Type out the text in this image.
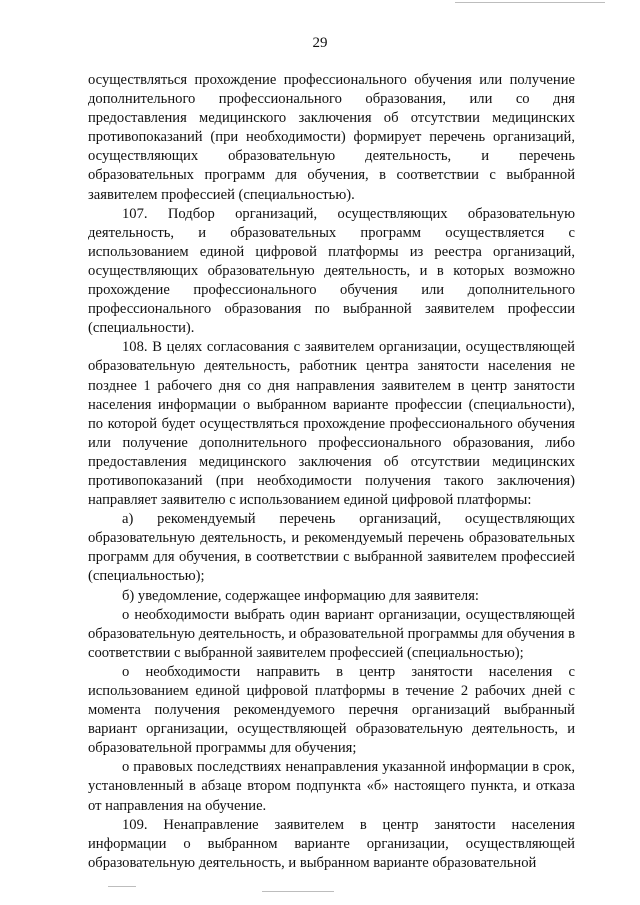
29

осуществляться прохождение профессионального обучения или получение дополнительного профессионального образования, или со дня предоставления медицинского заключения об отсутствии медицинских противопоказаний (при необходимости) формирует перечень организаций, осуществляющих образовательную деятельность, и перечень образовательных программ для обучения, в соответствии с выбранной заявителем профессией (специальностью).

107. Подбор организаций, осуществляющих образовательную деятельность, и образовательных программ осуществляется с использованием единой цифровой платформы из реестра организаций, осуществляющих образовательную деятельность, и в которых возможно прохождение профессионального обучения или дополнительного профессионального образования по выбранной заявителем профессии (специальности).

108. В целях согласования с заявителем организации, осуществляющей образовательную деятельность, работник центра занятости населения не позднее 1 рабочего дня со дня направления заявителем в центр занятости населения информации о выбранном варианте профессии (специальности), по которой будет осуществляться прохождение профессионального обучения или получение дополнительного профессионального образования, либо предоставления медицинского заключения об отсутствии медицинских противопоказаний (при необходимости получения такого заключения) направляет заявителю с использованием единой цифровой платформы:

а) рекомендуемый перечень организаций, осуществляющих образовательную деятельность, и рекомендуемый перечень образовательных программ для обучения, в соответствии с выбранной заявителем профессией (специальностью);

б) уведомление, содержащее информацию для заявителя:

о необходимости выбрать один вариант организации, осуществляющей образовательную деятельность, и образовательной программы для обучения в соответствии с выбранной заявителем профессией (специальностью);

о необходимости направить в центр занятости населения с использованием единой цифровой платформы в течение 2 рабочих дней с момента получения рекомендуемого перечня организаций выбранный вариант организации, осуществляющей образовательную деятельность, и образовательной программы для обучения;

о правовых последствиях ненаправления указанной информации в срок, установленный в абзаце втором подпункта «б» настоящего пункта, и отказа от направления на обучение.

109. Ненаправление заявителем в центр занятости населения информации о выбранном варианте организации, осуществляющей образовательную деятельность, и выбранном варианте образовательной
